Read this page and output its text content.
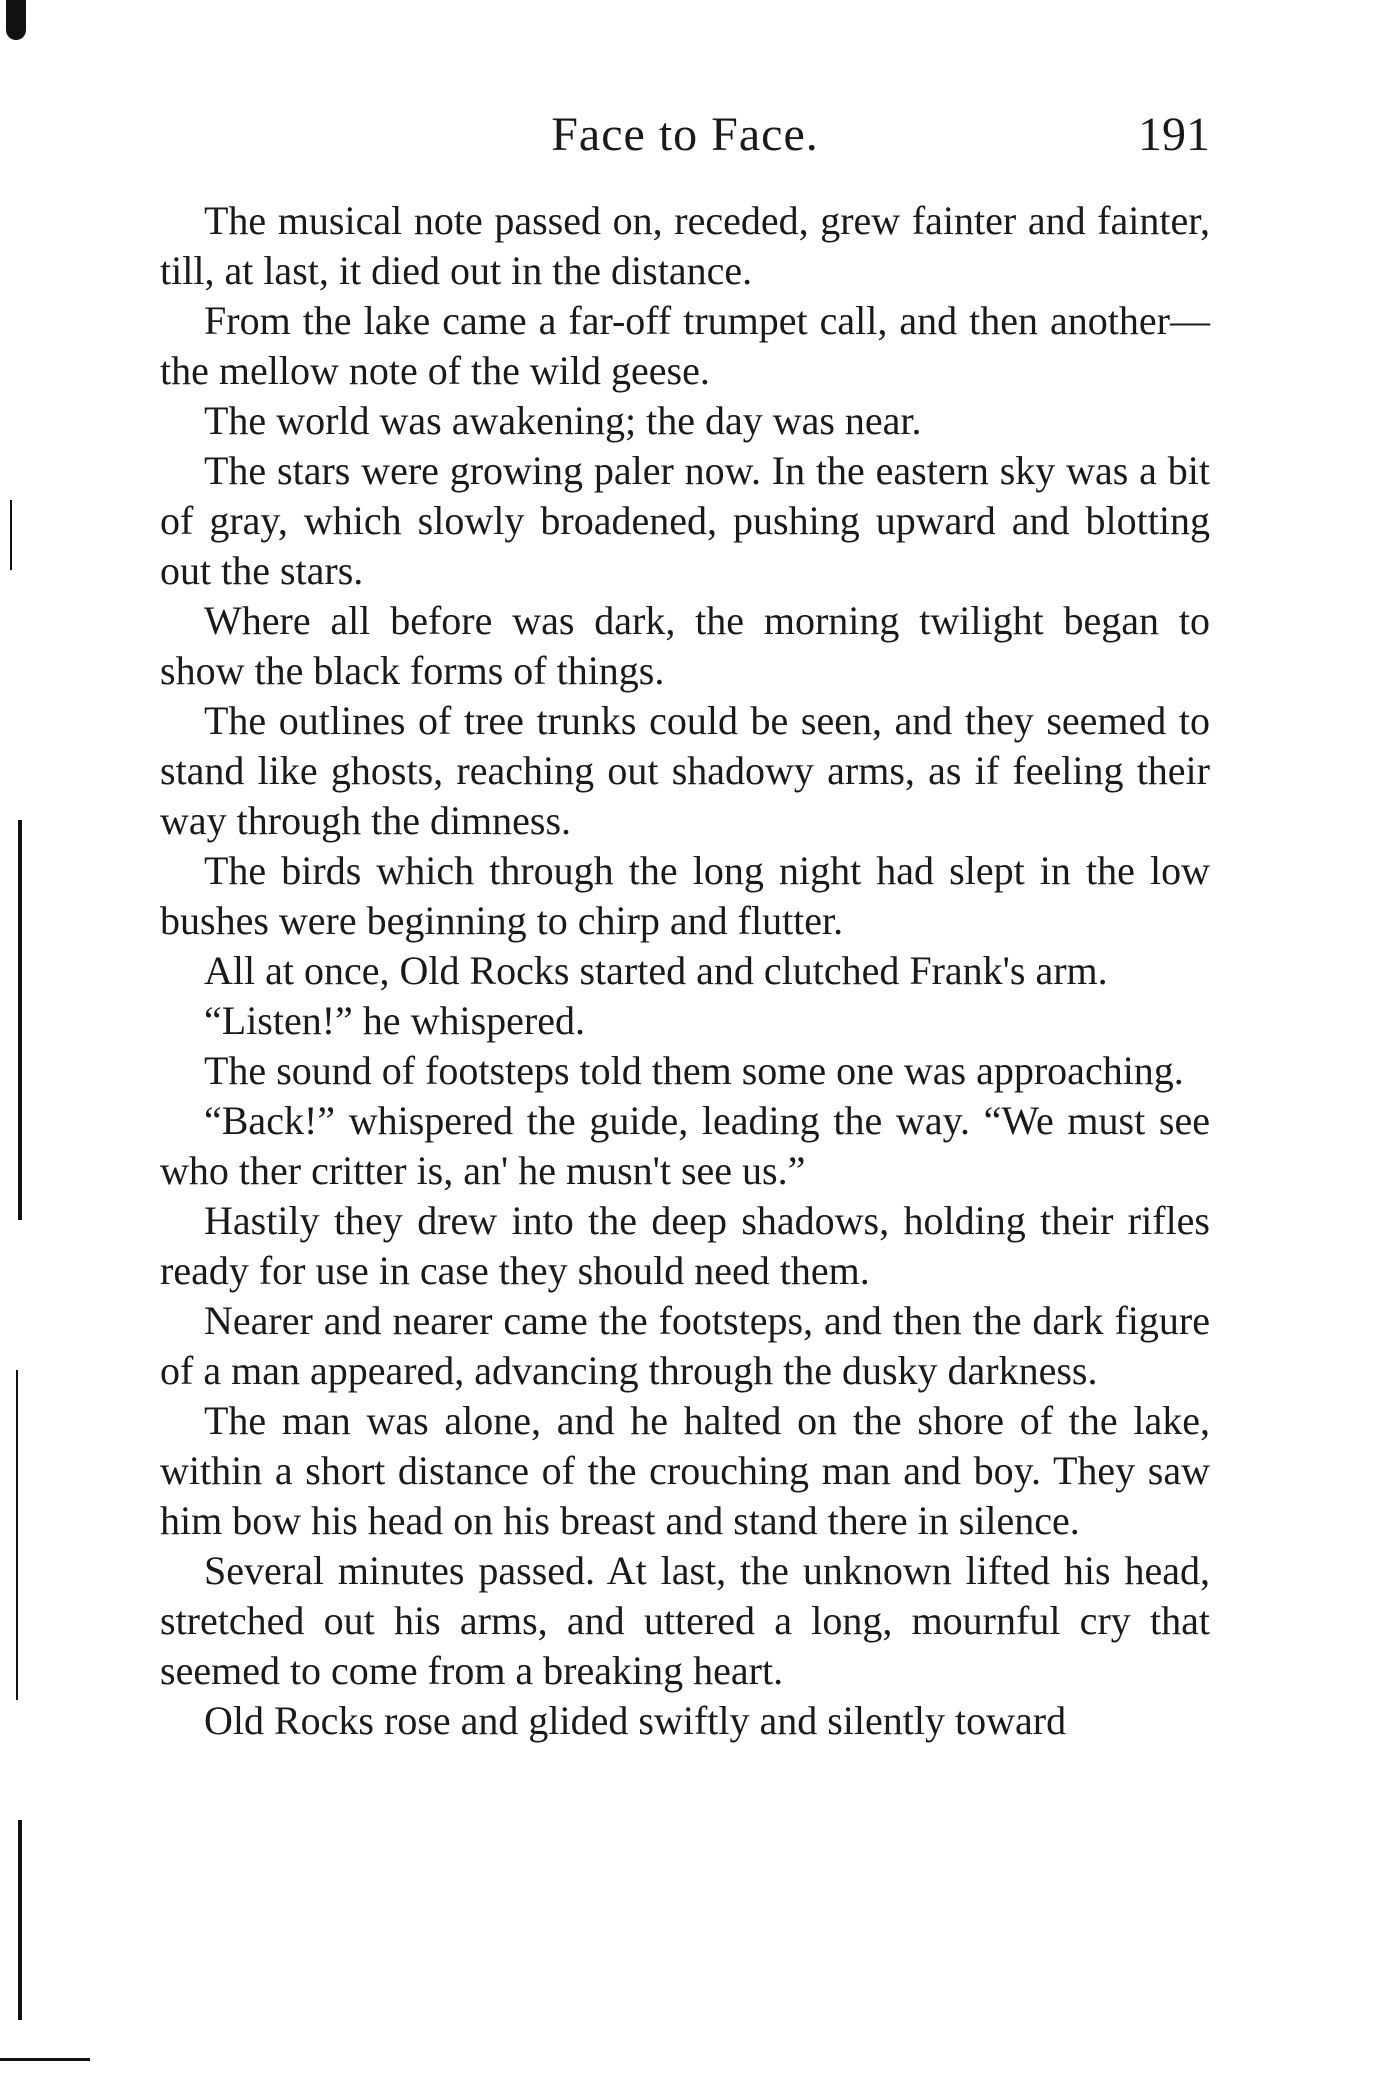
Face to Face.	191

The musical note passed on, receded, grew fainter and fainter, till, at last, it died out in the distance.

From the lake came a far-off trumpet call, and then another—the mellow note of the wild geese.

The world was awakening; the day was near.

The stars were growing paler now. In the eastern sky was a bit of gray, which slowly broadened, pushing upward and blotting out the stars.

Where all before was dark, the morning twilight began to show the black forms of things.

The outlines of tree trunks could be seen, and they seemed to stand like ghosts, reaching out shadowy arms, as if feeling their way through the dimness.

The birds which through the long night had slept in the low bushes were beginning to chirp and flutter.

All at once, Old Rocks started and clutched Frank's arm.

“Listen!” he whispered.

The sound of footsteps told them some one was approaching.

“Back!” whispered the guide, leading the way. “We must see who ther critter is, an' he musn't see us.”

Hastily they drew into the deep shadows, holding their rifles ready for use in case they should need them.

Nearer and nearer came the footsteps, and then the dark figure of a man appeared, advancing through the dusky darkness.

The man was alone, and he halted on the shore of the lake, within a short distance of the crouching man and boy. They saw him bow his head on his breast and stand there in silence.

Several minutes passed. At last, the unknown lifted his head, stretched out his arms, and uttered a long, mournful cry that seemed to come from a breaking heart.

Old Rocks rose and glided swiftly and silently toward
